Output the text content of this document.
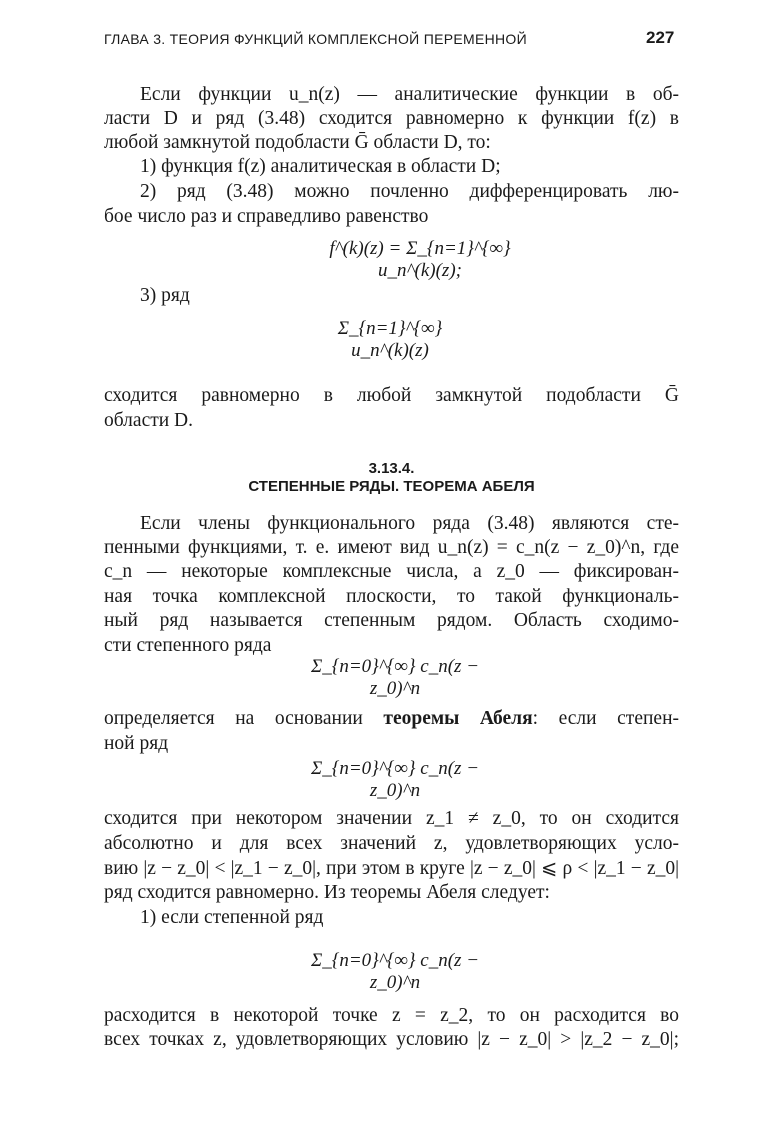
ГЛАВА 3. ТЕОРИЯ ФУНКЦИЙ КОМПЛЕКСНОЙ ПЕРЕМЕННОЙ	227
Если функции u_n(z) — аналитические функции в об-
ласти D и ряд (3.48) сходится равномерно к функции f(z) в
любой замкнутой подобласти Ḡ области D, то:
1) функция f(z) аналитическая в области D;
2) ряд (3.48) можно почленно дифференцировать лю-
бое число раз и справедливо равенство
f^(k)(z) = Σ_{n=1}^{∞} u_n^(k)(z);
3) ряд
Σ_{n=1}^{∞} u_n^(k)(z)
сходится равномерно в любой замкнутой подобласти Ḡ
области D.
3.13.4.
СТЕПЕННЫЕ РЯДЫ. ТЕОРЕМА АБЕЛЯ
Если члены функционального ряда (3.48) являются сте-
пенными функциями, т. е. имеют вид u_n(z) = c_n(z − z_0)^n, где
c_n — некоторые комплексные числа, а z_0 — фиксирован-
ная точка комплексной плоскости, то такой функциональ-
ный ряд называется степенным рядом. Область сходимо-
сти степенного ряда
Σ_{n=0}^{∞} c_n(z − z_0)^n
определяется на основании теоремы Абеля: если степен-
ной ряд
Σ_{n=0}^{∞} c_n(z − z_0)^n
сходится при некотором значении z_1 ≠ z_0, то он сходится
абсолютно и для всех значений z, удовлетворяющих усло-
вию |z − z_0| < |z_1 − z_0|, при этом в круге |z − z_0| ⩽ ρ < |z_1 − z_0|
ряд сходится равномерно. Из теоремы Абеля следует:
1) если степенной ряд
Σ_{n=0}^{∞} c_n(z − z_0)^n
расходится в некоторой точке z = z_2, то он расходится во
всех точках z, удовлетворяющих условию |z − z_0| > |z_2 − z_0|;
